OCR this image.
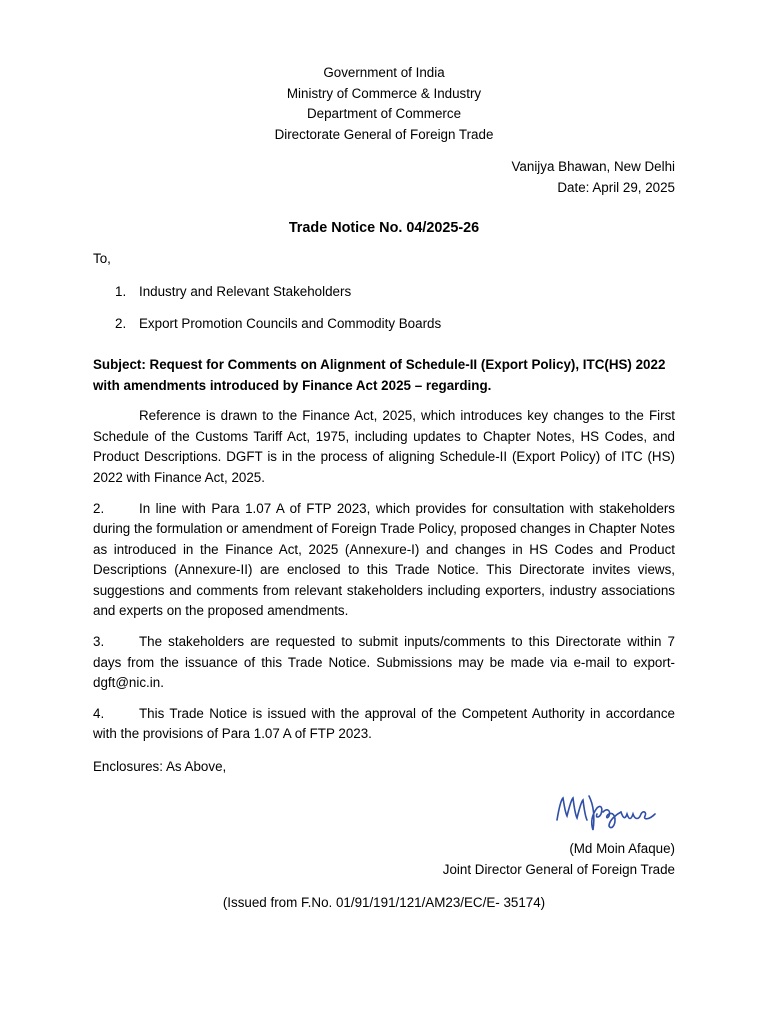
Government of India
Ministry of Commerce & Industry
Department of Commerce
Directorate General of Foreign Trade
Vanijya Bhawan, New Delhi
Date: April 29, 2025
Trade Notice No. 04/2025-26
To,
1. Industry and Relevant Stakeholders
2. Export Promotion Councils and Commodity Boards
Subject: Request for Comments on Alignment of Schedule-II (Export Policy), ITC(HS) 2022 with amendments introduced by Finance Act 2025 – regarding.
Reference is drawn to the Finance Act, 2025, which introduces key changes to the First Schedule of the Customs Tariff Act, 1975, including updates to Chapter Notes, HS Codes, and Product Descriptions. DGFT is in the process of aligning Schedule-II (Export Policy) of ITC (HS) 2022 with Finance Act, 2025.
2.	In line with Para 1.07 A of FTP 2023, which provides for consultation with stakeholders during the formulation or amendment of Foreign Trade Policy, proposed changes in Chapter Notes as introduced in the Finance Act, 2025 (Annexure-I) and changes in HS Codes and Product Descriptions (Annexure-II) are enclosed to this Trade Notice. This Directorate invites views, suggestions and comments from relevant stakeholders including exporters, industry associations and experts on the proposed amendments.
3.	The stakeholders are requested to submit inputs/comments to this Directorate within 7 days from the issuance of this Trade Notice. Submissions may be made via e-mail to export-dgft@nic.in.
4.	This Trade Notice is issued with the approval of the Competent Authority in accordance with the provisions of Para 1.07 A of FTP 2023.
Enclosures: As Above,
(Md Moin Afaque)
Joint Director General of Foreign Trade
(Issued from F.No. 01/91/191/121/AM23/EC/E- 35174)
